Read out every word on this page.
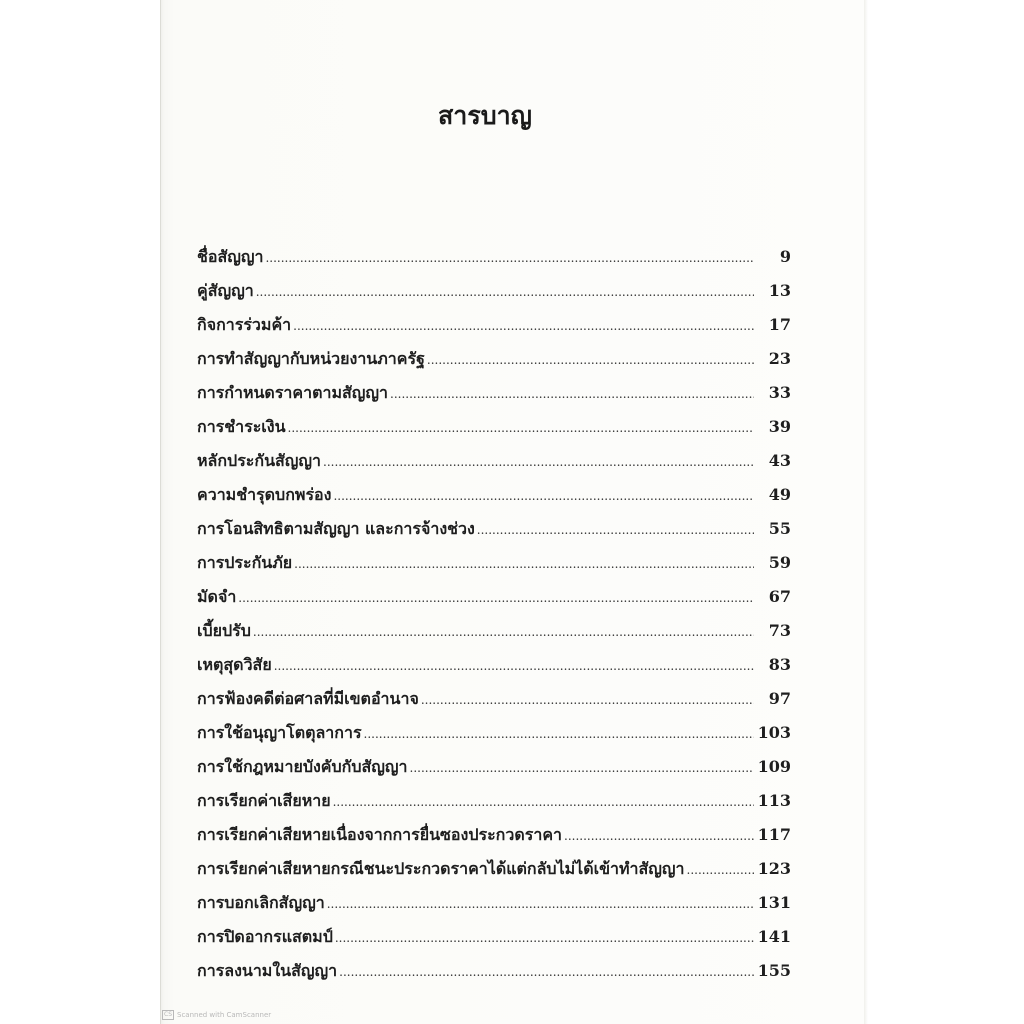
สารบาญ
ชื่อสัญญา .....	9
คู่สัญญา .....	13
กิจการร่วมค้า .....	17
การทำสัญญากับหน่วยงานภาครัฐ .....	23
การกำหนดราคาตามสัญญา .....	33
การชำระเงิน .....	39
หลักประกันสัญญา .....	43
ความชำรุดบกพร่อง .....	49
การโอนสิทธิตามสัญญา และการจ้างช่วง .....	55
การประกันภัย .....	59
มัดจำ .....	67
เบี้ยปรับ .....	73
เหตุสุดวิสัย .....	83
การฟ้องคดีต่อศาลที่มีเขตอำนาจ .....	97
การใช้อนุญาโตตุลาการ .....	103
การใช้กฎหมายบังคับกับสัญญา .....	109
การเรียกค่าเสียหาย .....	113
การเรียกค่าเสียหายเนื่องจากการยื่นซองประกวดราคา .....	117
การเรียกค่าเสียหายกรณีชนะประกวดราคาได้แต่กลับไม่ได้เข้าทำสัญญา .....	123
การบอกเลิกสัญญา .....	131
การปิดอากรแสตมป์ .....	141
การลงนามในสัญญา .....	155
CS Scanned with CamScanner
